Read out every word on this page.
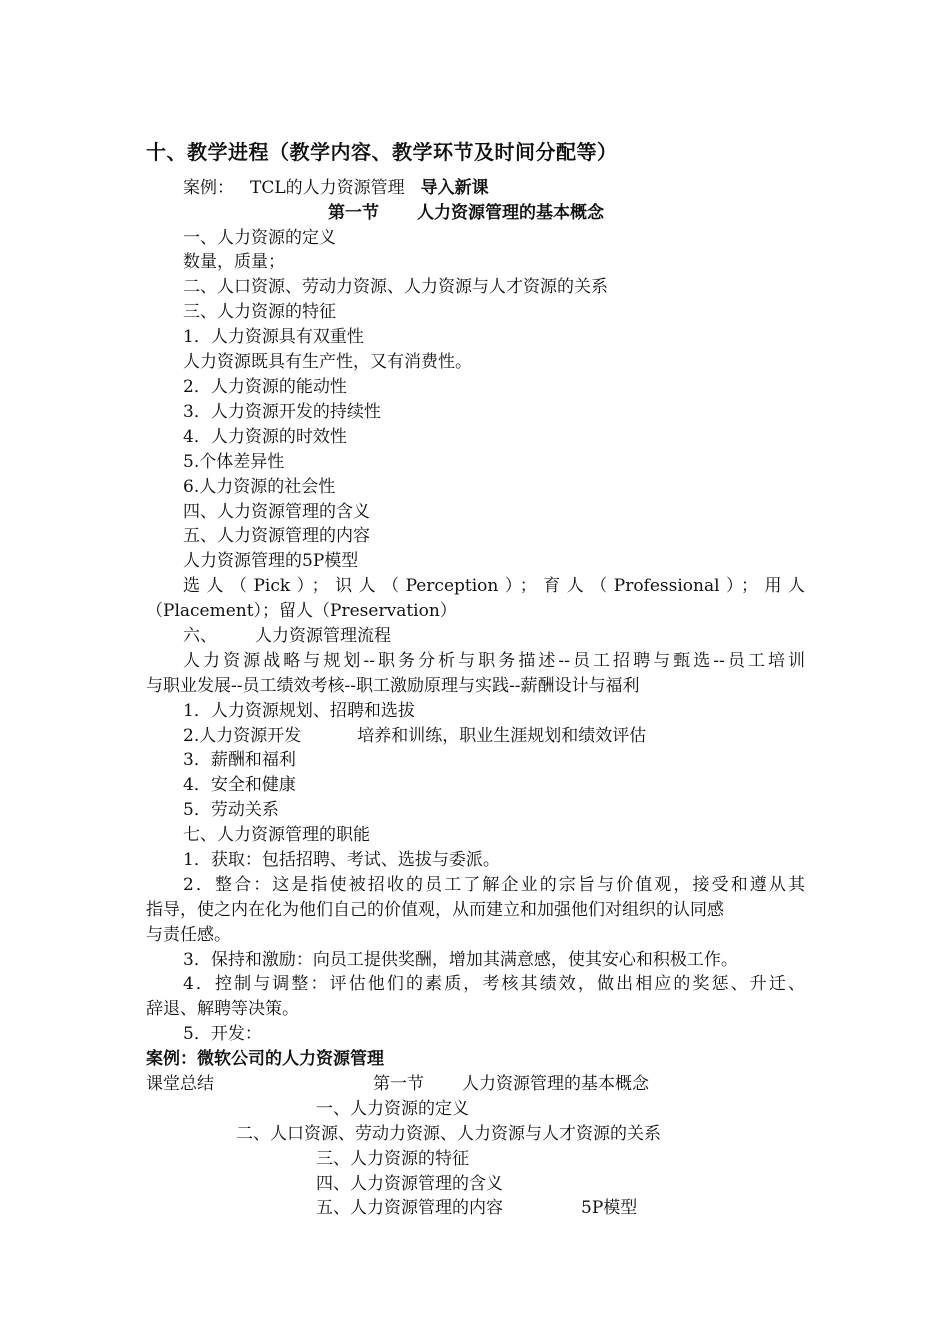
十、教学进程（教学内容、教学环节及时间分配等）
案例： TCL的人力资源管理 导入新课
第一节 人力资源管理的基本概念
一、人力资源的定义
数量，质量；
二、人口资源、劳动力资源、人力资源与人才资源的关系
三、人力资源的特征
1．人力资源具有双重性
人力资源既具有生产性，又有消费性。
2．人力资源的能动性
3．人力资源开发的持续性
4．人力资源的时效性
5.个体差异性
6.人力资源的社会性
四、人力资源管理的含义
五、人力资源管理的内容
人力资源管理的5P模型
选人（Pick）；识人（Perception）；育人（Professional）；用人
（Placement）；留人（Preservation）
六、 人力资源管理流程
人力资源战略与规划--职务分析与职务描述--员工招聘与甄选--员工培训
与职业发展--员工绩效考核--职工激励原理与实践--薪酬设计与福利
1．人力资源规划、招聘和选拔
2.人力资源开发	培养和训练，职业生涯规划和绩效评估
3．薪酬和福利
4．安全和健康
5．劳动关系
七、人力资源管理的职能
1．获取：包括招聘、考试、选拔与委派。
2．整合：这是指使被招收的员工了解企业的宗旨与价值观，接受和遵从其
指导，使之内在化为他们自己的价值观，从而建立和加强他们对组织的认同感
与责任感。
3．保持和激励：向员工提供奖酬，增加其满意感，使其安心和积极工作。
4．控制与调整：评估他们的素质，考核其绩效，做出相应的奖惩、升迁、
辞退、解聘等决策。
5．开发：
案例：微软公司的人力资源管理
课堂总结	第一节 人力资源管理的基本概念
一、人力资源的定义
二、人口资源、劳动力资源、人力资源与人才资源的关系
三、人力资源的特征
四、人力资源管理的含义
五、人力资源管理的内容	5P模型
